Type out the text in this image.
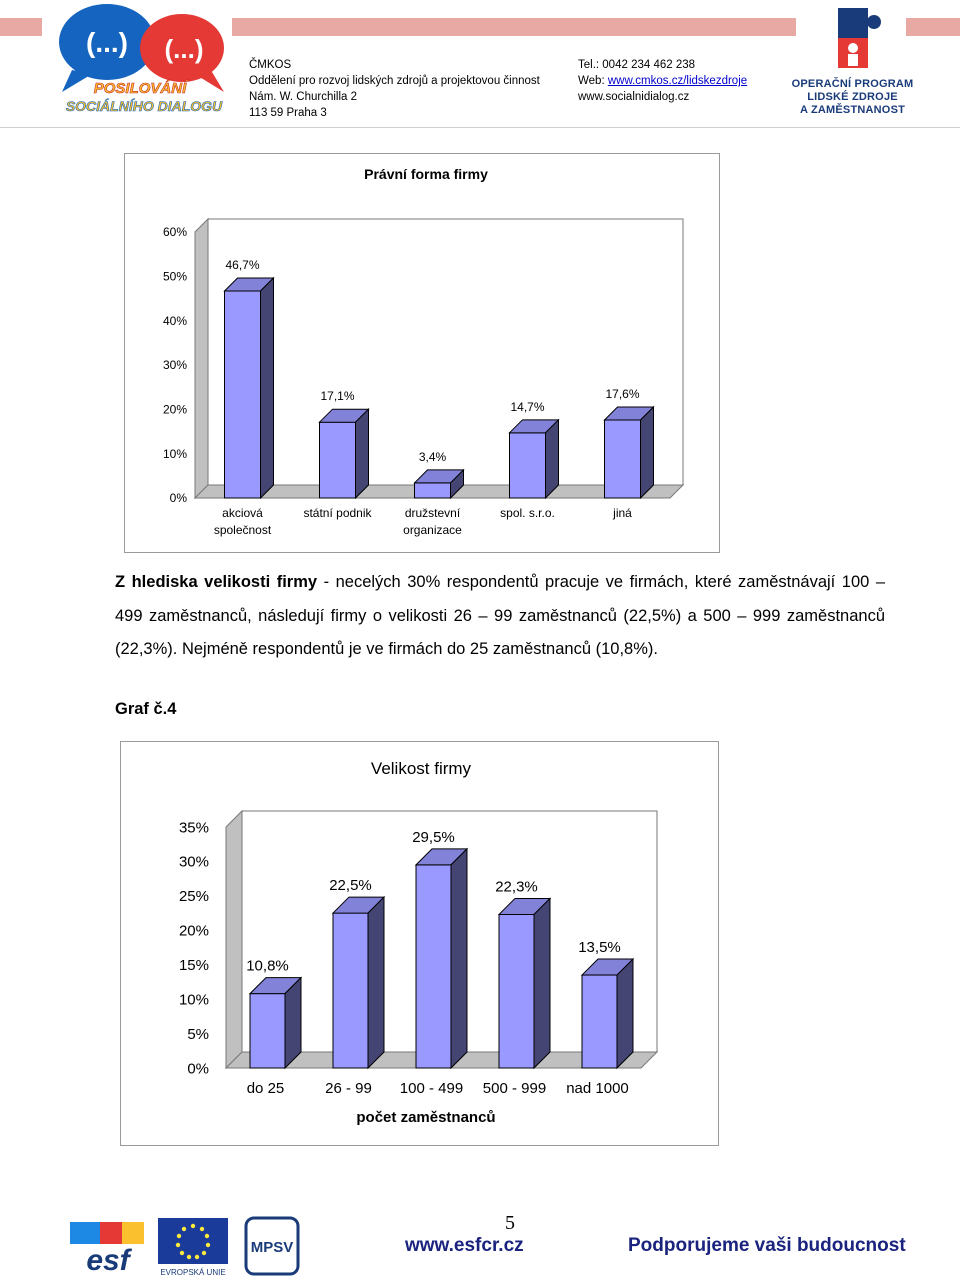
(...) (...)
POSILOVÁNÍ
SOCIÁLNÍHO DIALOGU
ČMKOS
Oddělení pro rozvoj lidských zdrojů a projektovou činnost
Nám. W. Churchilla 2
113 59 Praha 3
Tel.: 0042 234 462 238
Web: www.cmkos.cz/lidskezdroje
www.socialnidialog.cz
OPERAČNÍ PROGRAM
LIDSKÉ ZDROJE
A ZAMĚSTNANOST
Právní forma firmy
0%
10%
20%
30%
40%
50%
60%
46,7%
akciová
společnost
17,1%
státní podnik
3,4%
družstevní
organizace
14,7%
spol. s.r.o.
17,6%
jiná
Z hlediska velikosti firmy - necelých 30% respondentů pracuje ve firmách, které zaměstnávají 100 – 499 zaměstnanců, následují firmy o velikosti 26 – 99 zaměstnanců (22,5%) a 500 – 999 zaměstnanců (22,3%). Nejméně respondentů je ve firmách do 25 zaměstnanců (10,8%).
Graf č.4
Velikost firmy
0%
5%
10%
15%
20%
25%
30%
35%
10,8%
do 25
22,5%
26 - 99
29,5%
100 - 499
22,3%
500 - 999
13,5%
nad 1000
počet zaměstnanců
esf	EVROPSKÁ UNIE
MPSV
5
www.esfcr.cz	Podporujeme vaši budoucnost
